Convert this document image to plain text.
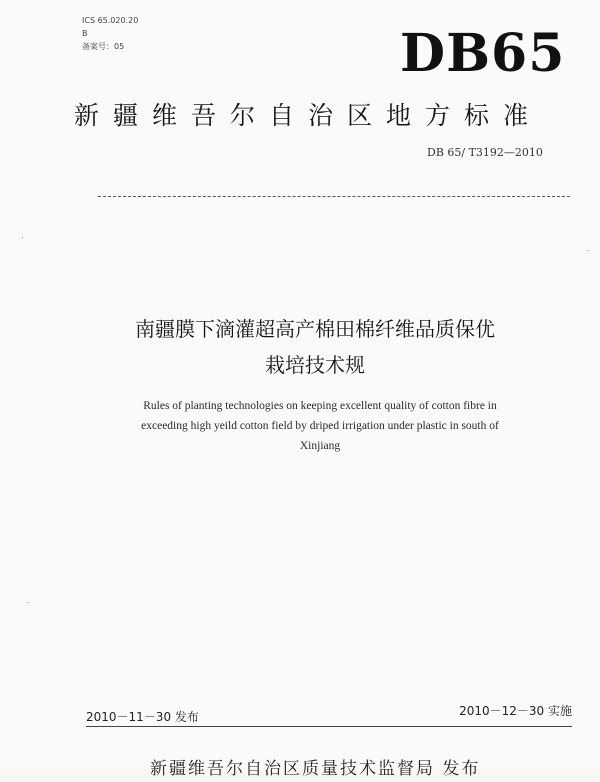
ICS 65.020.20
B
备案号：05	DB65
新疆维吾尔自治区地方标准
DB 65/ T3192—2010
南疆膜下滴灌超高产棉田棉纤维品质保优
栽培技术规
Rules of planting technologies on keeping excellent quality of cotton fibre in
exceeding high yeild cotton field by driped irrigation under plastic in south of
Xinjiang
2010－11－30 发布	2010－12－30 实施
新疆维吾尔自治区质量技术监督局 发布
